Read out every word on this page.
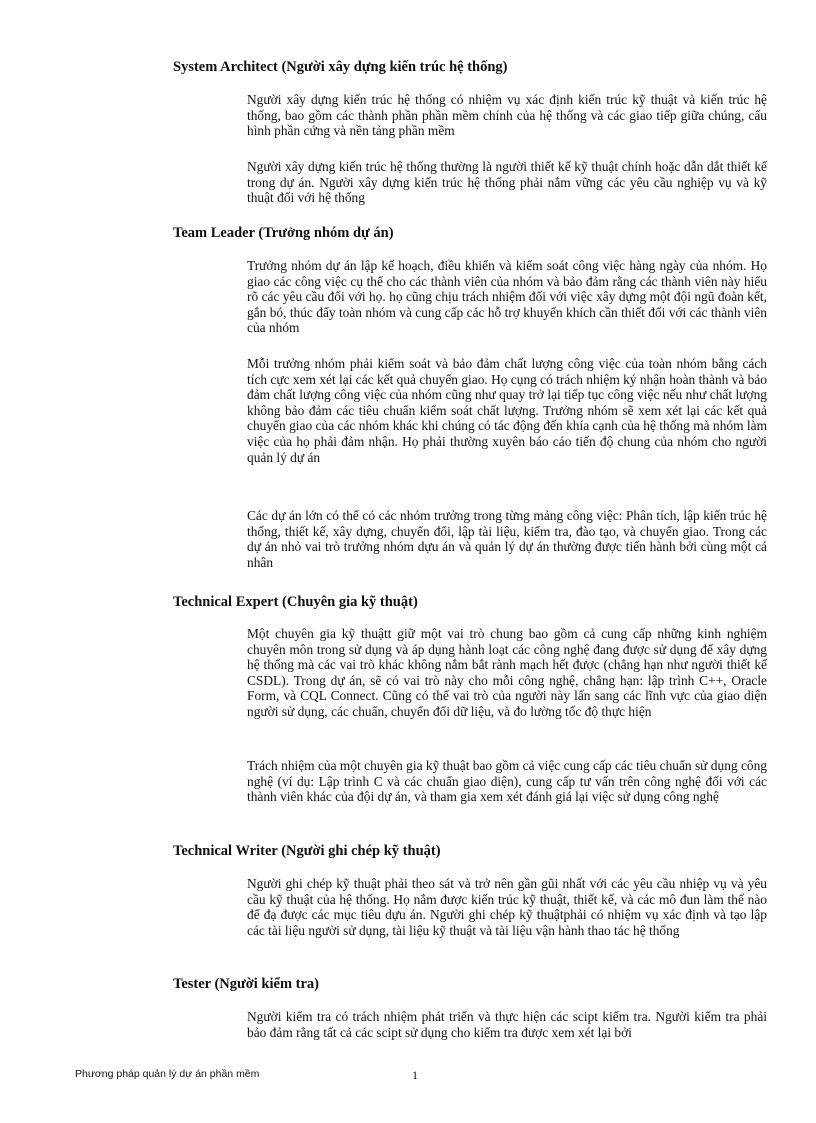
System Architect (Người xây dựng kiến trúc hệ thống)
Người xây dựng kiến trúc hệ thống có nhiệm vụ xác định kiến trúc kỹ thuật và kiến trúc hệ thống, bao gồm các thành phần phần mềm chính của hệ thống và các giao tiếp giữa chúng, cấu hình phần cứng và nền tảng phần mềm
Người xây dựng kiến trúc hệ thống thường là người thiết kế kỹ thuật chính hoặc dẫn dắt thiết kế trong dự án. Người xây dựng kiến trúc hệ thống phải nắm vững các yêu cầu nghiệp vụ và kỹ thuật đối với hệ thống
Team Leader (Trưởng nhóm dự án)
Trưởng nhóm dự án lập kế hoạch, điều khiển và kiểm soát công việc hàng ngày của nhóm. Họ giao các công việc cụ thể cho các thành viên của nhóm và bảo đảm rằng các thành viên này hiểu rõ các yêu cầu đối với họ. họ cũng chịu trách nhiệm đối với việc xây dựng một đội ngũ đoàn kết, gắn bó, thúc đẩy toàn nhóm và cung cấp các hỗ trợ khuyến khích cần thiết đối với các thành viên của nhóm
Mỗi trưởng nhóm phải kiểm soát và bảo đảm chất lượng công việc của toàn nhóm bằng cách tích cực xem xét lại các kết quả chuyển giao. Họ cụng có trách nhiệm ký nhận hoàn thành và bảo đảm chất lượng công việc của nhóm cũng như quay trở lại tiếp tục công việc nếu như chất lượng không bảo đảm các tiêu chuẩn kiểm soát chất lượng. Trưởng nhóm sẽ xem xét lại các kết quả chuyển giao của các nhóm khác khi chúng có tác động đến khía cạnh của hệ thống mà nhóm làm việc của họ phải đảm nhận. Họ phải thường xuyên báo cáo tiến độ chung của nhóm cho người quản lý dự án
Các dự án lớn có thể có các nhóm trưởng trong từng mảng công việc: Phân tích, lập kiến trúc hệ thống, thiết kế, xây dựng, chuyển đổi, lập tài liệu, kiểm tra, đào tạo, và chuyển giao. Trong các dự án nhỏ vai trò trưởng nhóm dựu án và quản lý dự án thường được tiến hành bởi cùng một cá nhân
Technical Expert (Chuyên gia kỹ thuật)
Một chuyên gia kỹ thuậtt giữ một vai trò chung bao gồm cả cung cấp những kinh nghiệm chuyên môn trong sử dụng và áp dụng hành loạt các công nghệ đang được sử dụng để xây dựng hệ thống mà các vai trò khác không nắm bắt rành mạch hết được (chẳng hạn như người thiết kế CSDL). Trong dự án, sẽ có vai trò này cho mỗi công nghệ, chẳng hạn: lập trình C++, Oracle Form, và CQL Connect. Cũng có thể vai trò của người này lấn sang các lĩnh vực của giao diện người sử dụng, các chuẩn, chuyển đổi dữ liệu, và đo lường tốc độ thực hiện
Trách nhiệm của một chuyên gia kỹ thuật bao gồm cả việc cung cấp các tiêu chuẩn sử dụng công nghệ (ví dụ: Lập trình C và các chuẩn giao diện), cung cấp tư vấn trên công nghệ đối với các thành viên khác của đội dự án, và tham gia xem xét đánh giá lại việc sử dụng công nghệ
Technical Writer (Người ghi chép kỹ thuật)
Người ghi chép kỹ thuật phải theo sát và trở nên gần gũi nhất với các yêu cầu nhiệp vụ và yêu cầu kỹ thuật của hệ thống. Họ nắm được kiến trúc kỹ thuật, thiết kế, và các mô đun làm thế nào để đạ được các mục tiêu dựu án. Người ghi chép kỹ thuậtphải có nhiệm vụ xác định và tạo lập các tài liệu người sử dụng, tài liệu kỹ thuật và tài liệu vận hành thao tác hệ thống
Tester (Người kiểm tra)
Người kiểm tra có trách nhiệm phát triển và thực hiện các scipt kiểm tra. Người kiểm tra phải bảo đảm rằng tất cả các scipt sử dụng cho kiểm tra được xem xét lại bởi
Phương pháp quản lý dự án phần mềm	1
